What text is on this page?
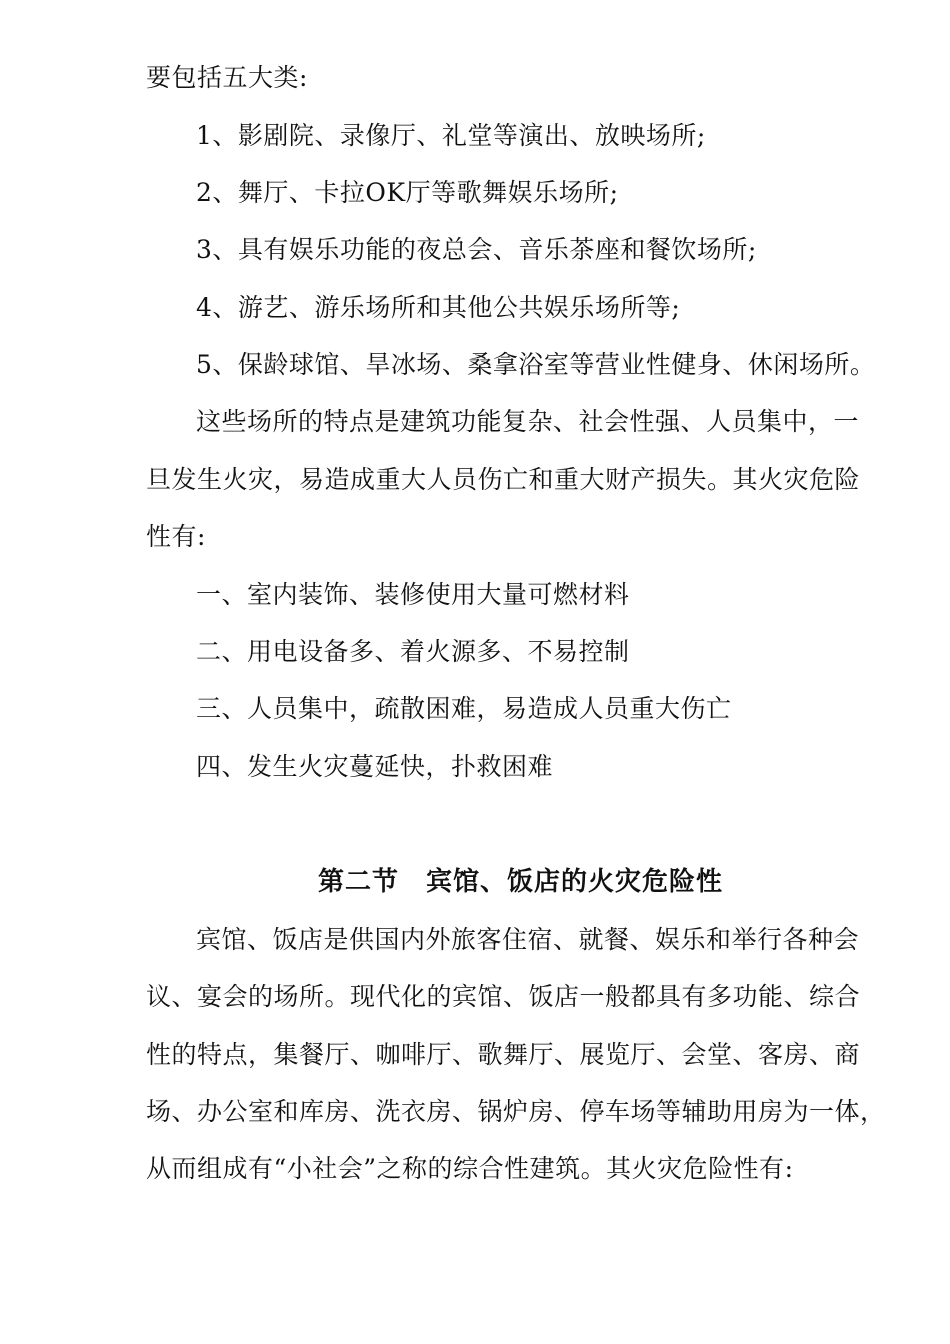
要包括五大类:
1、影剧院、录像厅、礼堂等演出、放映场所;
2、舞厅、卡拉OK厅等歌舞娱乐场所;
3、具有娱乐功能的夜总会、音乐茶座和餐饮场所;
4、游艺、游乐场所和其他公共娱乐场所等;
5、保龄球馆、旱冰场、桑拿浴室等营业性健身、休闲场所。
这些场所的特点是建筑功能复杂、社会性强、人员集中，一
旦发生火灾，易造成重大人员伤亡和重大财产损失。其火灾危险
性有:
一、室内装饰、装修使用大量可燃材料
二、用电设备多、着火源多、不易控制
三、人员集中，疏散困难，易造成人员重大伤亡
四、发生火灾蔓延快，扑救困难
第二节　宾馆、饭店的火灾危险性
宾馆、饭店是供国内外旅客住宿、就餐、娱乐和举行各种会
议、宴会的场所。现代化的宾馆、饭店一般都具有多功能、综合
性的特点，集餐厅、咖啡厅、歌舞厅、展览厅、会堂、客房、商
场、办公室和库房、洗衣房、锅炉房、停车场等辅助用房为一体，
从而组成有“小社会”之称的综合性建筑。其火灾危险性有:
